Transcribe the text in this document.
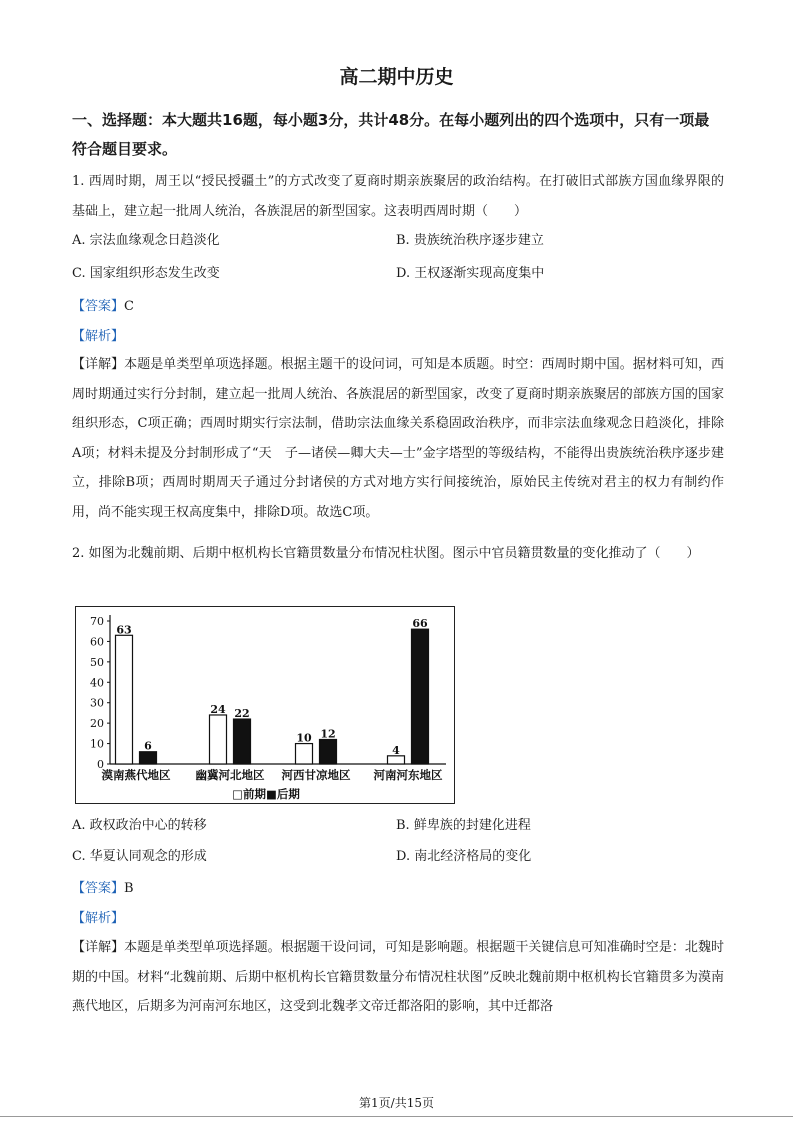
高二期中历史
一、选择题：本大题共16题，每小题3分，共计48分。在每小题列出的四个选项中，只有一项最符合题目要求。
1. 西周时期，周王以“授民授疆土”的方式改变了夏商时期亲族聚居的政治结构。在打破旧式部族方国血缘界限的基础上，建立起一批周人统治，各族混居的新型国家。这表明西周时期（　　）
A. 宗法血缘观念日趋淡化	B. 贵族统治秩序逐步建立
C. 国家组织形态发生改变	D. 王权逐渐实现高度集中
【答案】C
【解析】
【详解】本题是单类型单项选择题。根据主题干的设问词，可知是本质题。时空：西周时期中国。据材料可知，西周时期通过实行分封制，建立起一批周人统治、各族混居的新型国家，改变了夏商时期亲族聚居的部族方国的国家组织形态，C项正确；西周时期实行宗法制，借助宗法血缘关系稳固政治秩序，而非宗法血缘观念日趋淡化，排除A项；材料未提及分封制形成了“天　子—诸侯—卿大夫—士”金字塔型的等级结构，不能得出贵族统治秩序逐步建立，排除B项；西周时期周天子通过分封诸侯的方式对地方实行间接统治，原始民主传统对君主的权力有制约作用，尚不能实现王权高度集中，排除D项。故选C项。
2. 如图为北魏前期、后期中枢机构长官籍贯数量分布情况柱状图。图示中官员籍贯数量的变化推动了（　　）
0
10
20
30
40
50
60
70
63
6
漠南燕代地区
24 22
幽冀河北地区
10 12
河西甘凉地区
4
66
河南河东地区
□前期■后期
A. 政权政治中心的转移	B. 鲜卑族的封建化进程
C. 华夏认同观念的形成	D. 南北经济格局的变化
【答案】B
【解析】
【详解】本题是单类型单项选择题。根据题干设问词，可知是影响题。根据题干关键信息可知准确时空是：北魏时期的中国。材料“北魏前期、后期中枢机构长官籍贯数量分布情况柱状图”反映北魏前期中枢机构长官籍贯多为漠南燕代地区，后期多为河南河东地区，这受到北魏孝文帝迁都洛阳的影响，其中迁都洛
第1页/共15页
